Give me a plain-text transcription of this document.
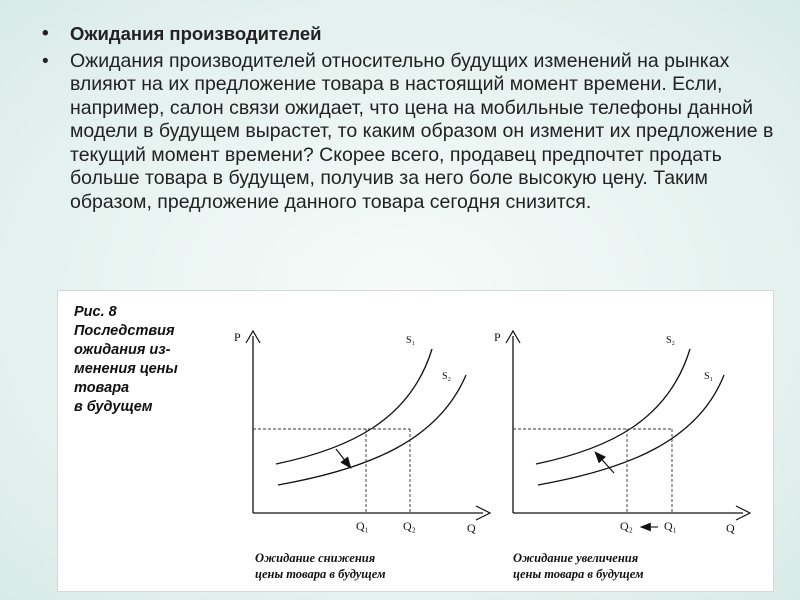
• Ожидания производителей
• Ожидания производителей относительно будущих изменений на рынках влияют на их предложение товара в настоящий момент времени. Если, например, салон связи ожидает, что цена на мобильные телефоны данной модели в будущем вырастет, то каким образом он изменит их предложение в текущий момент времени? Скорее всего, продавец предпочтет продать больше товара в будущем, получив за него боле высокую цену. Таким образом, предложение данного товара сегодня снизится.
Рис. 8
Последствия
ожидания из-
менения цены
товара
в будущем
P
Q
S₁
S₂
Q₁	Q₂
Ожидание снижения
цены товара в будущем
P
Q
S₂
S₁
Q₂	Q₁
Ожидание увеличения
цены товара в будущем
